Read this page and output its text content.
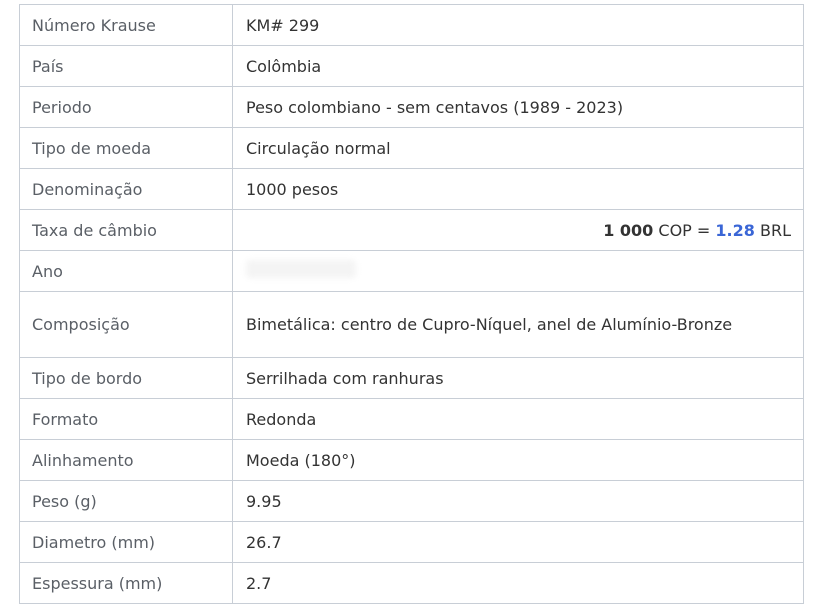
Número Krause	KM# 299
País	Colômbia
Periodo	Peso colombiano - sem centavos (1989 - 2023)
Tipo de moeda	Circulação normal
Denominação	1000 pesos
Taxa de câmbio	1 000 COP = 1.28 BRL
Ano	
Composição	Bimetálica: centro de Cupro-Níquel, anel de Alumínio-Bronze
Tipo de bordo	Serrilhada com ranhuras
Formato	Redonda
Alinhamento	Moeda (180°)
Peso (g)	9.95
Diametro (mm)	26.7
Espessura (mm)	2.7
